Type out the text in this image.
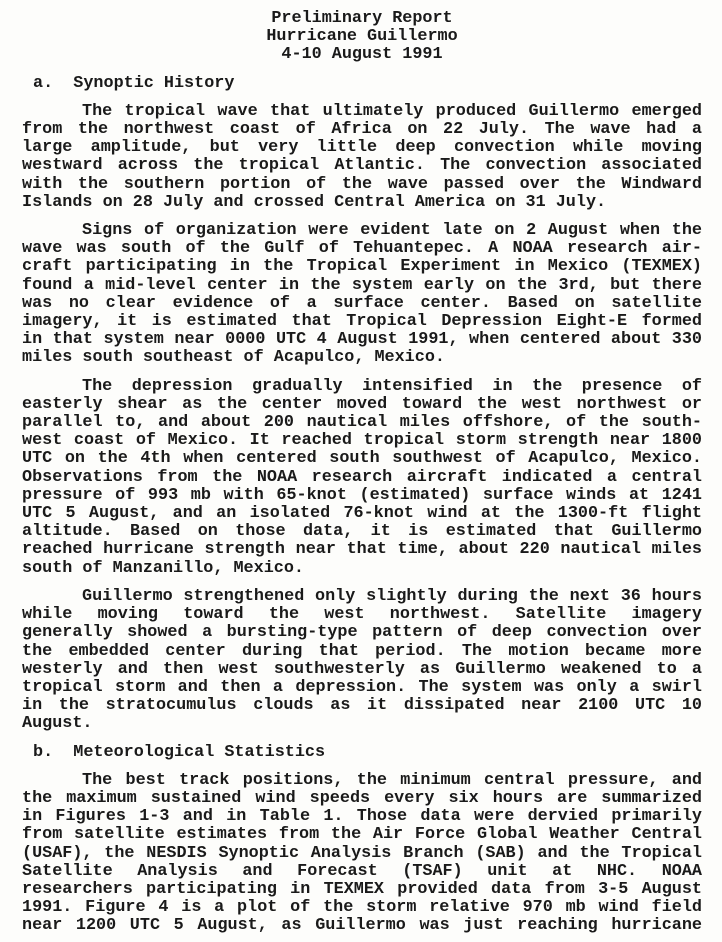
Preliminary Report
Hurricane Guillermo
4-10 August 1991
a.  Synoptic History
The tropical wave that ultimately produced Guillermo emerged
from the northwest coast of Africa on 22 July. The wave had a
large amplitude, but very little deep convection while moving
westward across the tropical Atlantic. The convection associated
with the southern portion of the wave passed over the Windward
Islands on 28 July and crossed Central America on 31 July.
Signs of organization were evident late on 2 August when the
wave was south of the Gulf of Tehuantepec. A NOAA research air-
craft participating in the Tropical Experiment in Mexico (TEXMEX)
found a mid-level center in the system early on the 3rd, but there
was no clear evidence of a surface center. Based on satellite
imagery, it is estimated that Tropical Depression Eight-E formed
in that system near 0000 UTC 4 August 1991, when centered about 330
miles south southeast of Acapulco, Mexico.
The depression gradually intensified in the presence of
easterly shear as the center moved toward the west northwest or
parallel to, and about 200 nautical miles offshore, of the south-
west coast of Mexico. It reached tropical storm strength near 1800
UTC on the 4th when centered south southwest of Acapulco, Mexico.
Observations from the NOAA research aircraft indicated a central
pressure of 993 mb with 65-knot (estimated) surface winds at 1241
UTC 5 August, and an isolated 76-knot wind at the 1300-ft flight
altitude. Based on those data, it is estimated that Guillermo
reached hurricane strength near that time, about 220 nautical miles
south of Manzanillo, Mexico.
Guillermo strengthened only slightly during the next 36 hours
while moving toward the west northwest. Satellite imagery
generally showed a bursting-type pattern of deep convection over
the embedded center during that period. The motion became more
westerly and then west southwesterly as Guillermo weakened to a
tropical storm and then a depression. The system was only a swirl
in the stratocumulus clouds as it dissipated near 2100 UTC 10
August.
b.  Meteorological Statistics
The best track positions, the minimum central pressure, and
the maximum sustained wind speeds every six hours are summarized
in Figures 1-3 and in Table 1. Those data were dervied primarily
from satellite estimates from the Air Force Global Weather Central
(USAF), the NESDIS Synoptic Analysis Branch (SAB) and the Tropical
Satellite Analysis and Forecast (TSAF) unit at NHC. NOAA
researchers participating in TEXMEX provided data from 3-5 August
1991. Figure 4 is a plot of the storm relative 970 mb wind field
near 1200 UTC 5 August, as Guillermo was just reaching hurricane
